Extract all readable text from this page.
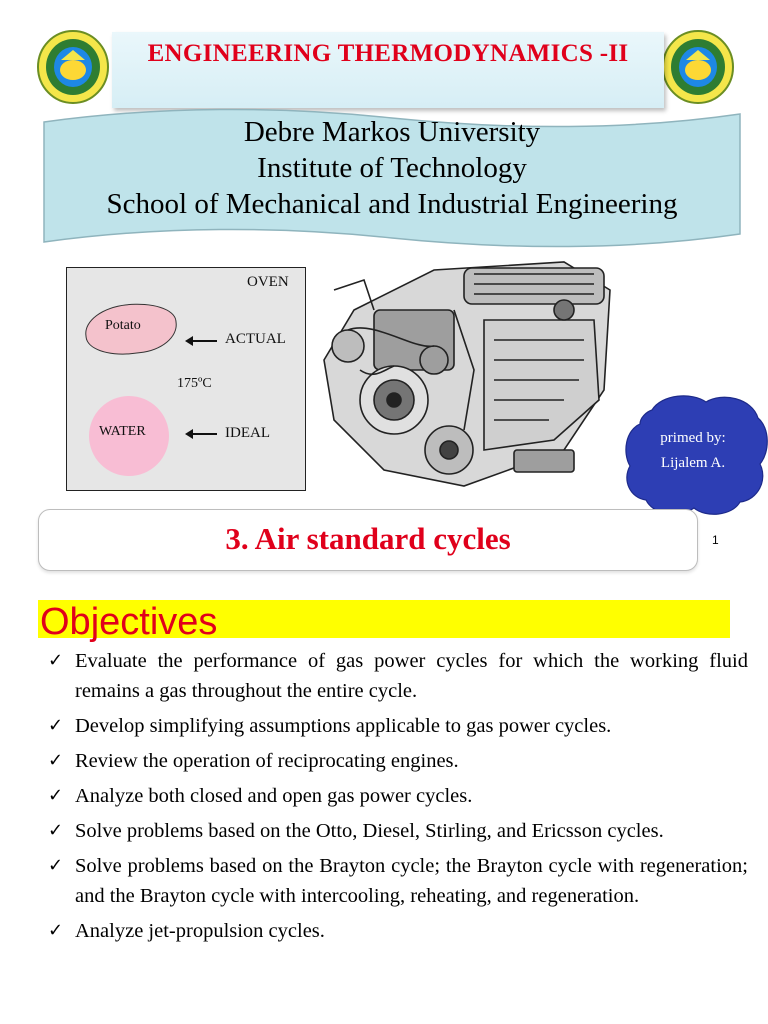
ENGINEERING THERMODYNAMICS -II
Debre Markos University
Institute of Technology
School of Mechanical and Industrial Engineering
OVEN
Potato
ACTUAL
175ºC
WATER	IDEAL	primed by:
Lijalem A.
3. Air standard cycles	1
Objectives
✓ Evaluate the performance of gas power cycles for which the working fluid remains a gas throughout the entire cycle.
✓ Develop simplifying assumptions applicable to gas power cycles.
✓ Review the operation of reciprocating engines.
✓ Analyze both closed and open gas power cycles.
✓ Solve problems based on the Otto, Diesel, Stirling, and Ericsson cycles.
✓ Solve problems based on the Brayton cycle; the Brayton cycle with regeneration; and the Brayton cycle with intercooling, reheating, and regeneration.
✓ Analyze jet-propulsion cycles.
